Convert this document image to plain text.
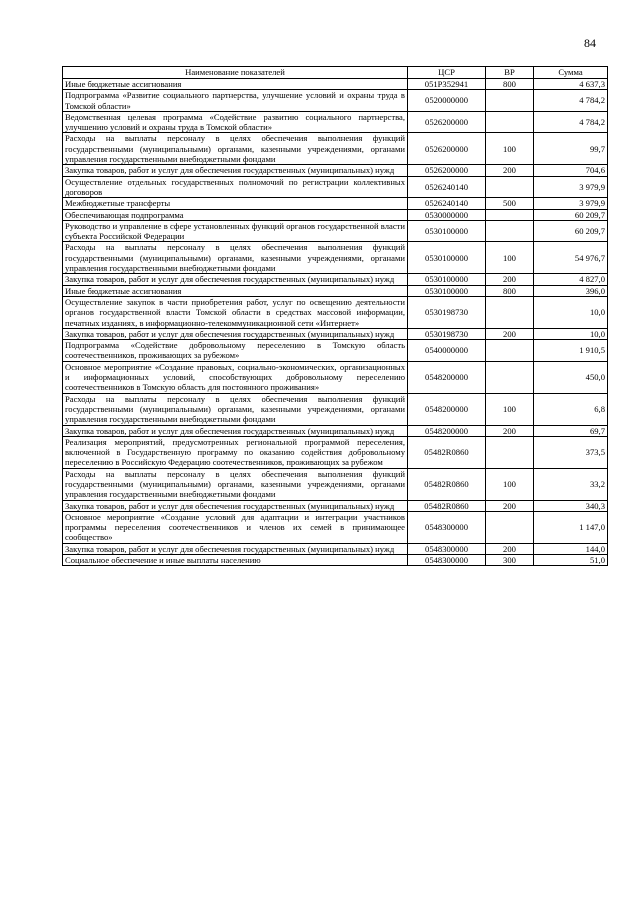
84
Наименование показателей	ЦСР	ВР	Сумма
Иные бюджетные ассигнования	051P352941	800	4 637,3
Подпрограмма «Развитие социального партнерства, улучшение условий и охраны труда в Томской области»	0520000000		4 784,2
Ведомственная целевая программа «Содействие развитию социального партнерства, улучшению условий и охраны труда в Томской области»	0526200000		4 784,2
Расходы на выплаты персоналу в целях обеспечения выполнения функций государственными (муниципальными) органами, казенными учреждениями, органами управления государственными внебюджетными фондами	0526200000	100	99,7
Закупка товаров, работ и услуг для обеспечения государственных (муниципальных) нужд	0526200000	200	704,6
Осуществление отдельных государственных полномочий по регистрации коллективных договоров	0526240140		3 979,9
Межбюджетные трансферты	0526240140	500	3 979,9
Обеспечивающая подпрограмма	0530000000		60 209,7
Руководство и управление в сфере установленных функций органов государственной власти субъекта Российской Федерации	0530100000		60 209,7
Расходы на выплаты персоналу в целях обеспечения выполнения функций государственными (муниципальными) органами, казенными учреждениями, органами управления государственными внебюджетными фондами	0530100000	100	54 976,7
Закупка товаров, работ и услуг для обеспечения государственных (муниципальных) нужд	0530100000	200	4 827,0
Иные бюджетные ассигнования	0530100000	800	396,0
Осуществление закупок в части приобретения работ, услуг по освещению деятельности органов государственной власти Томской области в средствах массовой информации, печатных изданиях, в информационно-телекоммуникационной сети «Интернет»	0530198730		10,0
Закупка товаров, работ и услуг для обеспечения государственных (муниципальных) нужд	0530198730	200	10,0
Подпрограмма «Содействие добровольному переселению в Томскую область соотечественников, проживающих за рубежом»	0540000000		1 910,5
Основное мероприятие «Создание правовых, социально-экономических, организационных и информационных условий, способствующих добровольному переселению соотечественников в Томскую область для постоянного проживания»	0548200000		450,0
Расходы на выплаты персоналу в целях обеспечения выполнения функций государственными (муниципальными) органами, казенными учреждениями, органами управления государственными внебюджетными фондами	0548200000	100	6,8
Закупка товаров, работ и услуг для обеспечения государственных (муниципальных) нужд	0548200000	200	69,7
Реализация мероприятий, предусмотренных региональной программой переселения, включенной в Государственную программу по оказанию содействия добровольному переселению в Российскую Федерацию соотечественников, проживающих за рубежом	05482R0860		373,5
Расходы на выплаты персоналу в целях обеспечения выполнения функций государственными (муниципальными) органами, казенными учреждениями, органами управления государственными внебюджетными фондами	05482R0860	100	33,2
Закупка товаров, работ и услуг для обеспечения государственных (муниципальных) нужд	05482R0860	200	340,3
Основное мероприятие «Создание условий для адаптации и интеграции участников программы переселения соотечественников и членов их семей в принимающее сообщество»	0548300000		1 147,0
Закупка товаров, работ и услуг для обеспечения государственных (муниципальных) нужд	0548300000	200	144,0
Социальное обеспечение и иные выплаты населению	0548300000	300	51,0
